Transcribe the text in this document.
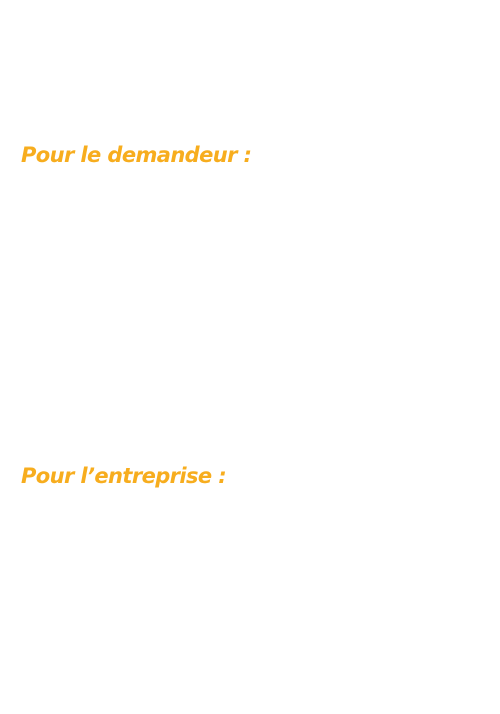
Pour le demandeur :
Pour l’entreprise :
